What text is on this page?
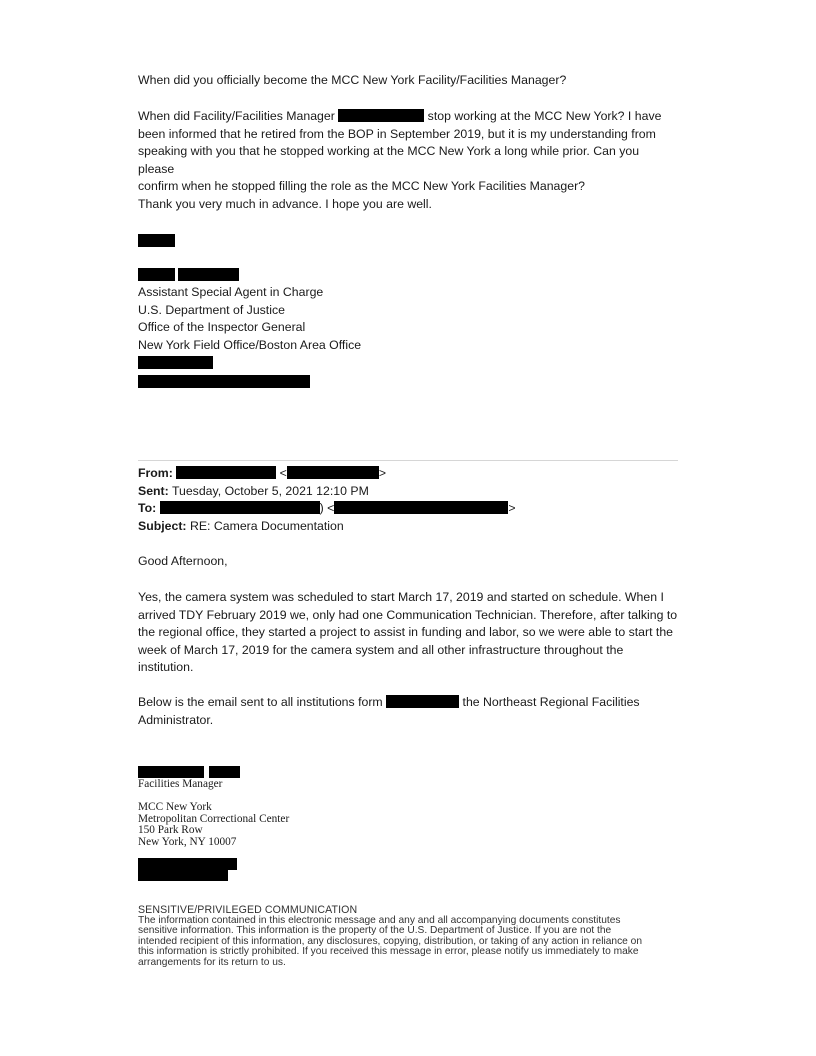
When did you officially become the MCC New York Facility/Facilities Manager?

When did Facility/Facilities Manager	stop working at the MCC New York? I have
been informed that he retired from the BOP in September 2019, but it is my understanding from
speaking with you that he stopped working at the MCC New York a long while prior. Can you please
confirm when he stopped filling the role as the MCC New York Facilities Manager?

Thank you very much in advance. I hope you are well.

Assistant Special Agent in Charge
U.S. Department of Justice
Office of the Inspector General
New York Field Office/Boston Area Office
From:	<	>
Sent: Tuesday, October 5, 2021 12:10 PM
To:	) <	>
Subject: RE: Camera Documentation

Good Afternoon,

Yes, the camera system was scheduled to start March 17, 2019 and started on schedule. When I
arrived TDY February 2019 we, only had one Communication Technician. Therefore, after talking to
the regional office, they started a project to assist in funding and labor, so we were able to start the
week of March 17, 2019 for the camera system and all other infrastructure throughout the
institution.
Below is the email sent to all institutions form	the Northeast Regional Facilities
Administrator.

Facilities Manager

MCC New York
Metropolitan Correctional Center
150 Park Row
New York, NY 10007
SENSITIVE/PRIVILEGED COMMUNICATION
The information contained in this electronic message and any and all accompanying documents constitutes
sensitive information. This information is the property of the U.S. Department of Justice. If you are not the
intended recipient of this information, any disclosures, copying, distribution, or taking of any action in reliance on
this information is strictly prohibited. If you received this message in error, please notify us immediately to make
arrangements for its return to us.
